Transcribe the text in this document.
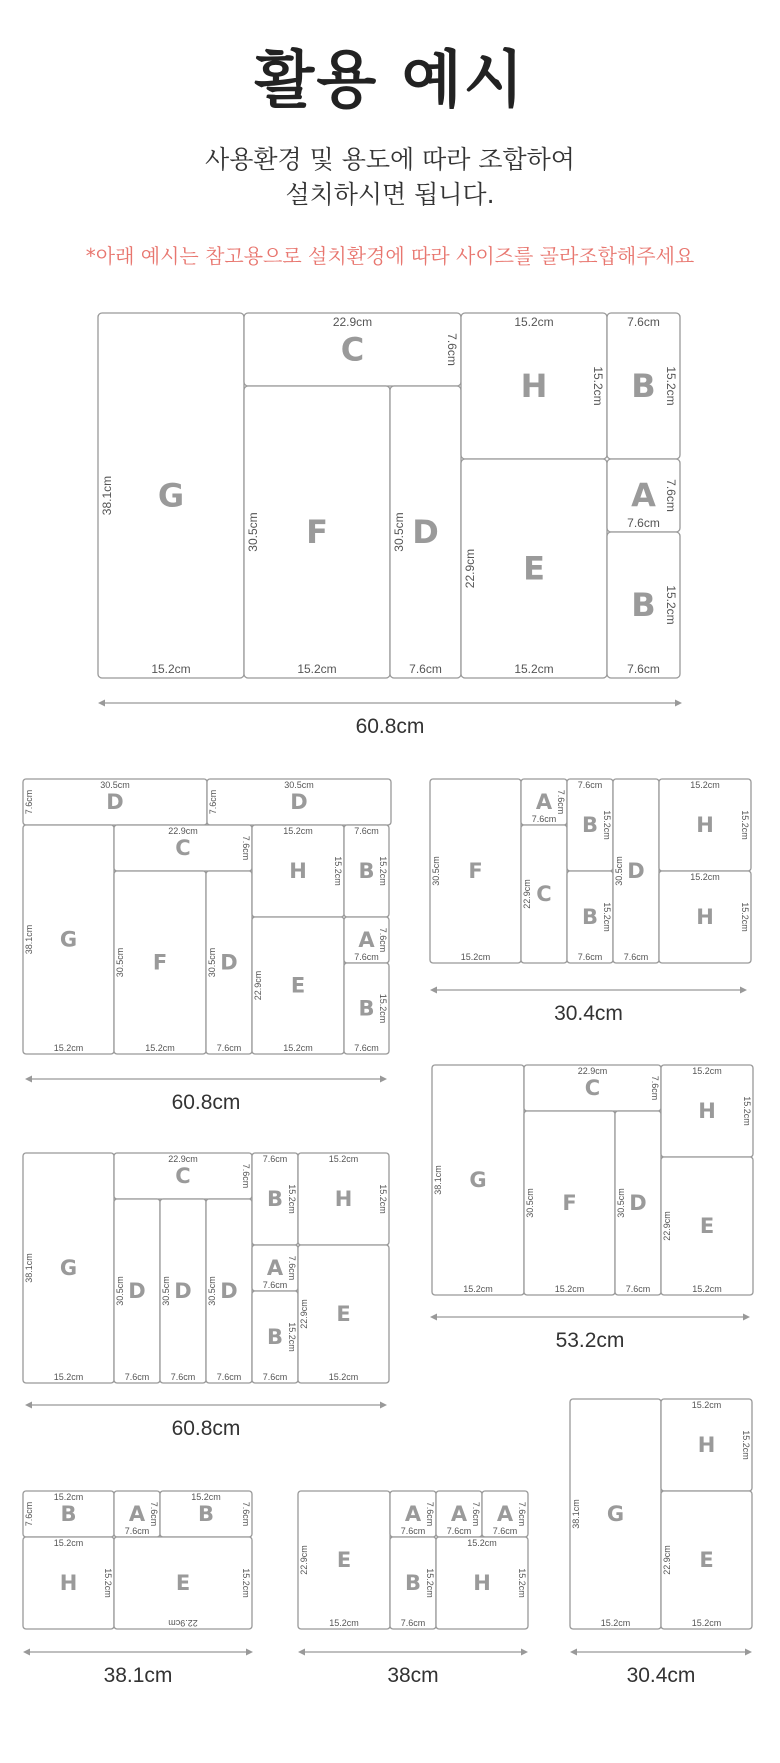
활용 예시
사용환경 및 용도에 따라 조합하여
설치하시면 됩니다.
*아래 예시는 참고용으로 설치환경에 따라 사이즈를 골라조합해주세요
G
38.1cm
15.2cm
C
22.9cm
7.6cm
F
30.5cm
15.2cm
D
30.5cm
7.6cm
H
15.2cm
15.2cm
E
22.9cm
15.2cm
B
7.6cm
15.2cm
A 7.6cm
7.6cm
B 15.2cm
7.6cm
60.8cm
D
30.5cm
7.6cm	D
30.5cm
7.6cm
G
38.1cm
15.2cm
C
22.9cm
7.6cm
F
30.5cm
15.2cm
D
30.5cm
7.6cm
H
15.2cm
15.2cm
E
22.9cm
15.2cm
B
7.6cm
15.2cm
A 7.6cm
7.6cm
B 15.2cm
7.6cm
60.8cm
F
30.5cm
15.2cm
A 7.6cm
7.6cm
C
22.9cm
B
7.6cm
15.2cm
B 15.2cm
7.6cm
D
30.5cm
7.6cm
H
15.2cm
15.2cm
H
15.2cm
15.2cm
30.4cm
G
38.1cm
15.2cm
C
22.9cm
7.6cm
F
30.5cm
15.2cm
D
30.5cm
7.6cm
H
15.2cm
15.2cm
E
22.9cm
15.2cm
53.2cm
G
38.1cm
15.2cm
C
22.9cm
7.6cm
D
30.5cm
7.6cm
D
30.5cm
7.6cm
D
30.5cm
7.6cm
B
7.6cm
15.2cm
A 7.6cm
7.6cm
B 15.2cm
7.6cm
H
15.2cm
15.2cm
E
22.9cm
15.2cm
60.8cm
B
15.2cm
7.6cm	A 7.6cm
7.6cm
B
15.2cm
7.6cm
H
15.2cm
15.2cm	E	15.2cm
22.9cm
38.1cm
E
22.9cm
15.2cm
A 7.6cm
7.6cm
A 7.6cm
7.6cm
A 7.6cm
7.6cm
B 15.2cm
7.6cm
H
15.2cm
15.2cm
38cm
G
38.1cm
15.2cm
H
15.2cm
15.2cm
E
22.9cm
15.2cm
30.4cm
